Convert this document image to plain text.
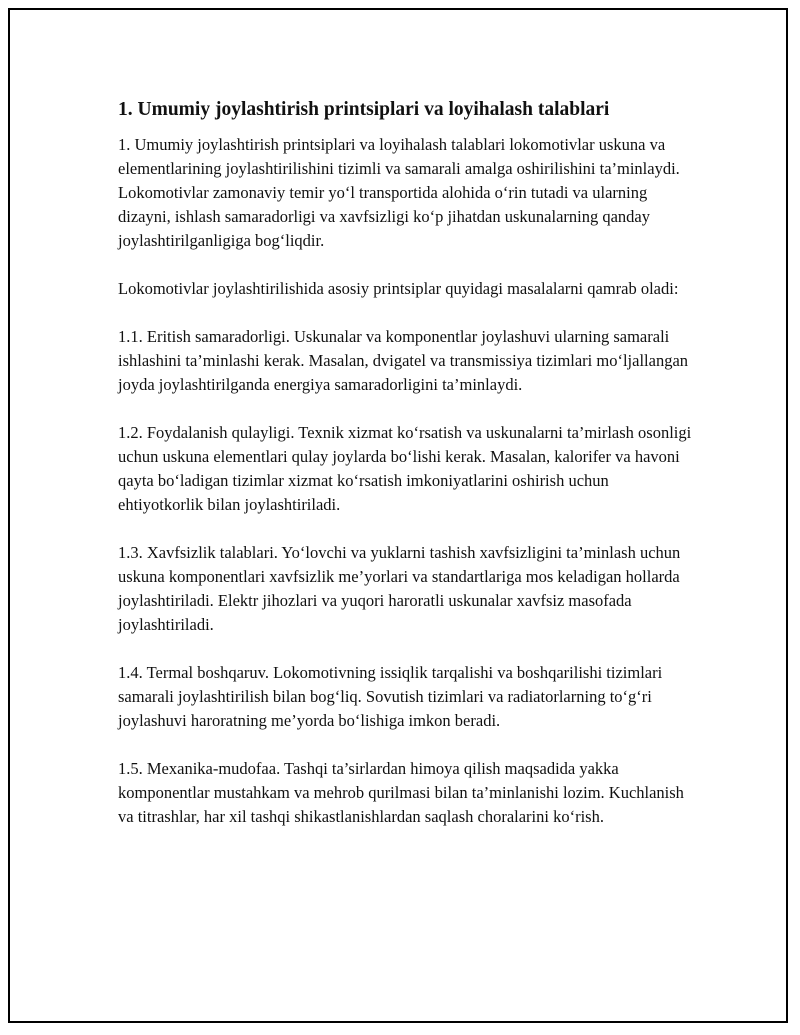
1. Umumiy joylashtirish printsiplari va loyihalash talablari

1. Umumiy joylashtirish printsiplari va loyihalash talablari lokomotivlar uskuna va elementlarining joylashtirilishini tizimli va samarali amalga oshirilishini ta’minlaydi. Lokomotivlar zamonaviy temir yo‘l transportida alohida o‘rin tutadi va ularning dizayni, ishlash samaradorligi va xavfsizligi ko‘p jihatdan uskunalarning qanday joylashtirilganligiga bog‘liqdir.

Lokomotivlar joylashtirilishida asosiy printsiplar quyidagi masalalarni qamrab oladi:

1.1. Eritish samaradorligi. Uskunalar va komponentlar joylashuvi ularning samarali ishlashini ta’minlashi kerak. Masalan, dvigatel va transmissiya tizimlari mo‘ljallangan joyda joylashtirilganda energiya samaradorligini ta’minlaydi.

1.2. Foydalanish qulayligi. Texnik xizmat ko‘rsatish va uskunalarni ta’mirlash osonligi uchun uskuna elementlari qulay joylarda bo‘lishi kerak. Masalan, kalorifer va havoni qayta bo‘ladigan tizimlar xizmat ko‘rsatish imkoniyatlarini oshirish uchun ehtiyotkorlik bilan joylashtiriladi.

1.3. Xavfsizlik talablari. Yo‘lovchi va yuklarni tashish xavfsizligini ta’minlash uchun uskuna komponentlari xavfsizlik me’yorlari va standartlariga mos keladigan hollarda joylashtiriladi. Elektr jihozlari va yuqori haroratli uskunalar xavfsiz masofada joylashtiriladi.

1.4. Termal boshqaruv. Lokomotivning issiqlik tarqalishi va boshqarilishi tizimlari samarali joylashtirilish bilan bog‘liq. Sovutish tizimlari va radiatorlarning to‘g‘ri joylashuvi haroratning me’yorda bo‘lishiga imkon beradi.

1.5. Mexanika-mudofaa. Tashqi ta’sirlardan himoya qilish maqsadida yakka komponentlar mustahkam va mehrob qurilmasi bilan ta’minlanishi lozim. Kuchlanish va titrashlar, har xil tashqi shikastlanishlardan saqlash choralarini ko‘rish.
